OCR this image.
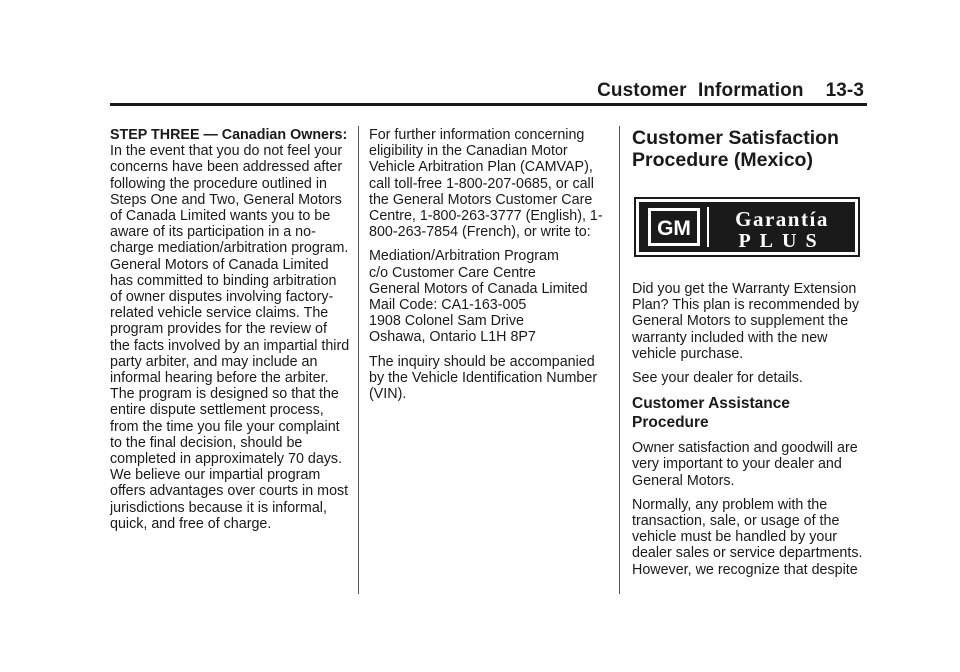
Customer Information 13-3

STEP THREE — Canadian Owners: In the event that you do not feel your concerns have been addressed after following the procedure outlined in Steps One and Two, General Motors of Canada Limited wants you to be aware of its participation in a no-charge mediation/arbitration program. General Motors of Canada Limited has committed to binding arbitration of owner disputes involving factory-related vehicle service claims. The program provides for the review of the facts involved by an impartial third party arbiter, and may include an informal hearing before the arbiter. The program is designed so that the entire dispute settlement process, from the time you file your complaint to the final decision, should be completed in approximately 70 days. We believe our impartial program offers advantages over courts in most jurisdictions because it is informal, quick, and free of charge.

For further information concerning eligibility in the Canadian Motor Vehicle Arbitration Plan (CAMVAP), call toll-free 1-800-207-0685, or call the General Motors Customer Care Centre, 1-800-263-3777 (English), 1-800-263-7854 (French), or write to:

Mediation/Arbitration Program
c/o Customer Care Centre
General Motors of Canada Limited
Mail Code: CA1-163-005
1908 Colonel Sam Drive
Oshawa, Ontario L1H 8P7

The inquiry should be accompanied by the Vehicle Identification Number (VIN).

Customer Satisfaction Procedure (Mexico)
GM Garantía
PLUS

Did you get the Warranty Extension Plan? This plan is recommended by General Motors to supplement the warranty included with the new vehicle purchase.

See your dealer for details.

Customer Assistance Procedure

Owner satisfaction and goodwill are very important to your dealer and General Motors.

Normally, any problem with the transaction, sale, or usage of the vehicle must be handled by your dealer sales or service departments. However, we recognize that despite
